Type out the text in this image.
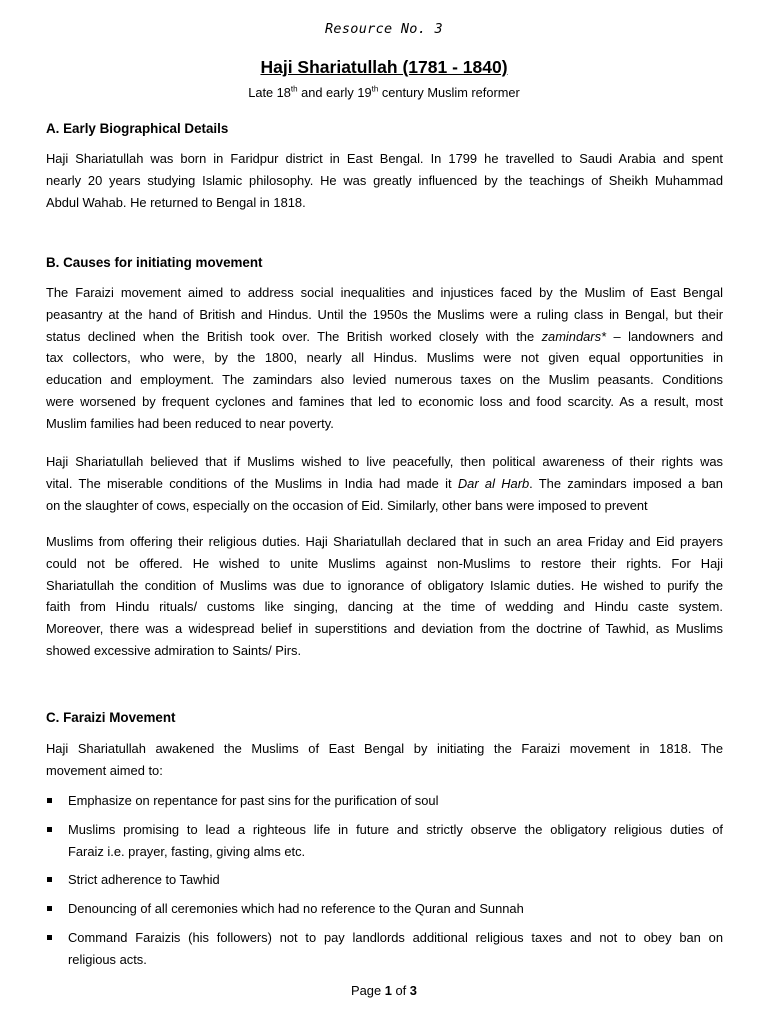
Resource No. 3
Haji Shariatullah (1781 - 1840)
Late 18th and early 19th century Muslim reformer
A. Early Biographical Details
Haji Shariatullah was born in Faridpur district in East Bengal. In 1799 he travelled to Saudi Arabia and spent
nearly 20 years studying Islamic philosophy. He was greatly influenced by the teachings of Sheikh Muhammad
Abdul Wahab. He returned to Bengal in 1818.
B. Causes for initiating movement
The Faraizi movement aimed to address social inequalities and injustices faced by the Muslim of East Bengal
peasantry at the hand of British and Hindus. Until the 1950s the Muslims were a ruling class in Bengal, but their
status declined when the British took over. The British worked closely with the zamindars* – landowners and
tax collectors, who were, by the 1800, nearly all Hindus. Muslims were not given equal opportunities in
education and employment. The zamindars also levied numerous taxes on the Muslim peasants. Conditions
were worsened by frequent cyclones and famines that led to economic loss and food scarcity. As a result, most
Muslim families had been reduced to near poverty.
Haji Shariatullah believed that if Muslims wished to live peacefully, then political awareness of their rights was
vital. The miserable conditions of the Muslims in India had made it Dar al Harb. The zamindars imposed a ban
on the slaughter of cows, especially on the occasion of Eid. Similarly, other bans were imposed to prevent
Muslims from offering their religious duties. Haji Shariatullah declared that in such an area Friday and Eid prayers
could not be offered. He wished to unite Muslims against non-Muslims to restore their rights. For Haji
Shariatullah the condition of Muslims was due to ignorance of obligatory Islamic duties. He wished to purify the
faith from Hindu rituals/ customs like singing, dancing at the time of wedding and Hindu caste system.
Moreover, there was a widespread belief in superstitions and deviation from the doctrine of Tawhid, as Muslims
showed excessive admiration to Saints/ Pirs.
C. Faraizi Movement
Haji Shariatullah awakened the Muslims of East Bengal by initiating the Faraizi movement in 1818. The
movement aimed to:
Emphasize on repentance for past sins for the purification of soul
Muslims promising to lead a righteous life in future and strictly observe the obligatory religious duties of
Faraiz i.e. prayer, fasting, giving alms etc.
Strict adherence to Tawhid
Denouncing of all ceremonies which had no reference to the Quran and Sunnah
Command Faraizis (his followers) not to pay landlords additional religious taxes and not to obey ban on
religious acts.
Page 1 of 3
